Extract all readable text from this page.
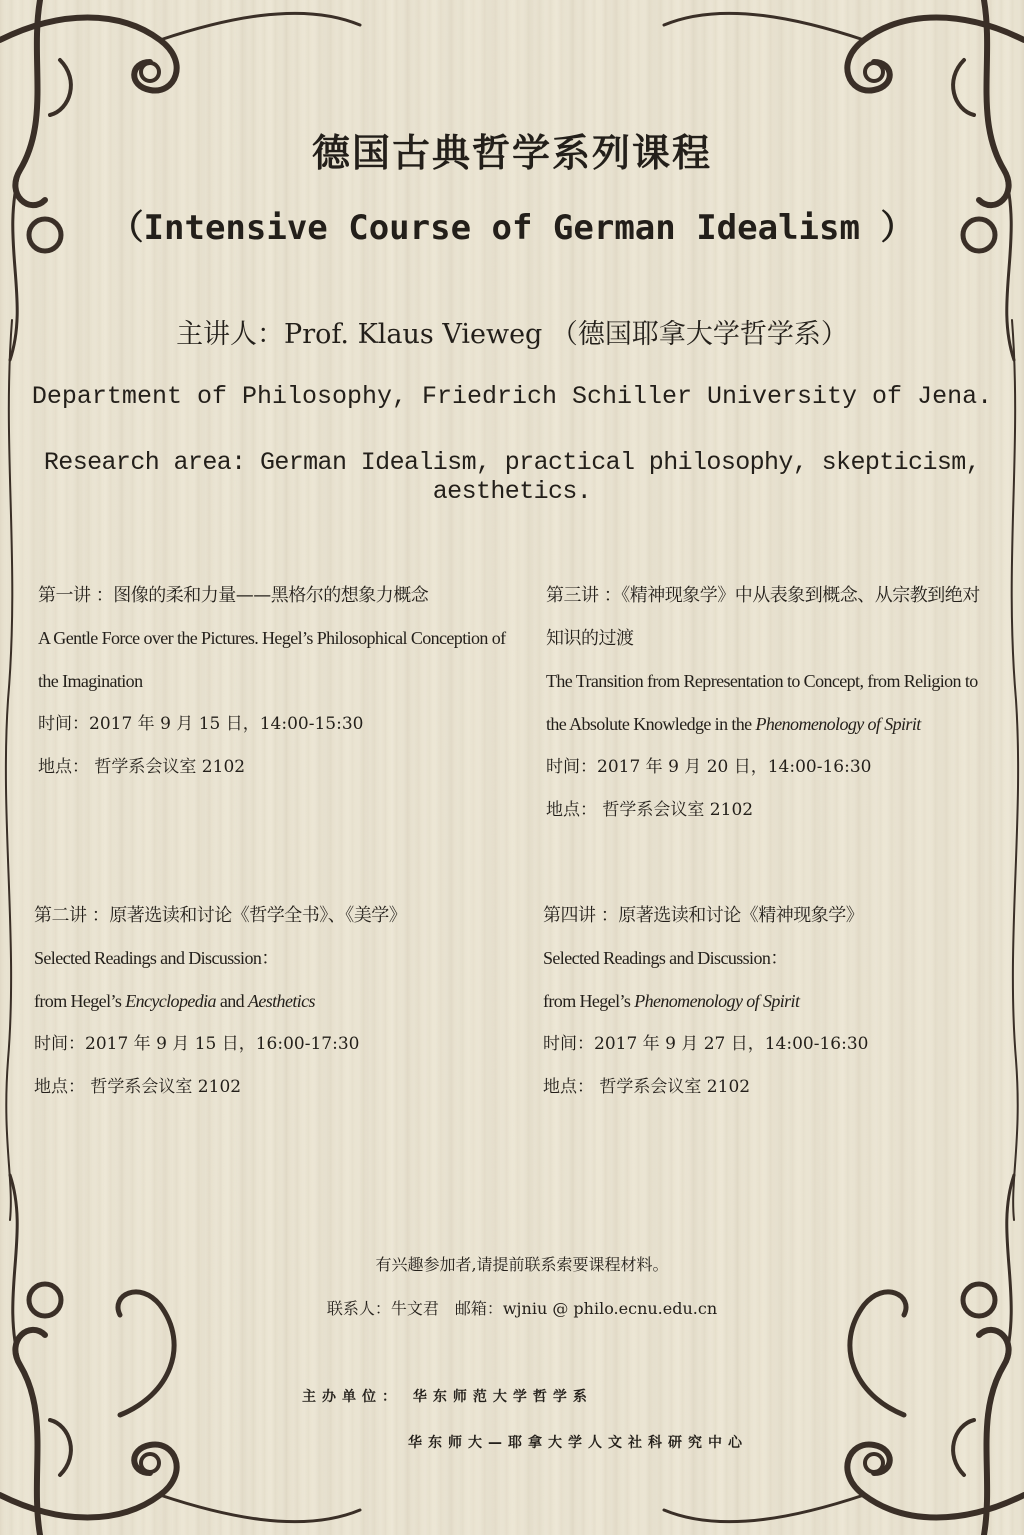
德国古典哲学系列课程
（Intensive Course of German Idealism ）
主讲人：Prof. Klaus Vieweg （德国耶拿大学哲学系）
Department of Philosophy, Friedrich Schiller University of Jena.
Research area: German Idealism, practical philosophy, skepticism, aesthetics.
第一讲 ：图像的柔和力量——黑格尔的想象力概念
A Gentle Force over the Pictures. Hegel’s Philosophical Conception of the Imagination
时间：2017 年 9 月 15 日，14:00-15:30
地点： 哲学系会议室 2102
第三讲 ：《精神现象学》中从表象到概念、从宗教到绝对知识的过渡
The Transition from Representation to Concept, from Religion to the Absolute Knowledge in the Phenomenology of Spirit
时间：2017 年 9 月 20 日，14:00-16:30
地点： 哲学系会议室 2102
第二讲 ：原著选读和讨论《哲学全书》、《美学》
Selected Readings and Discussion：
from Hegel’s Encyclopedia and Aesthetics
时间：2017 年 9 月 15 日，16:00-17:30
地点： 哲学系会议室 2102
第四讲 ：原著选读和讨论《精神现象学》
Selected Readings and Discussion：
from Hegel’s Phenomenology of Spirit
时间：2017 年 9 月 27 日，14:00-16:30
地点： 哲学系会议室 2102
有兴趣参加者,请提前联系索要课程材料。
联系人：牛文君　邮箱：wjniu @ philo.ecnu.edu.cn
主办单位： 华东师范大学哲学系
华东师大—耶拿大学人文社科研究中心
